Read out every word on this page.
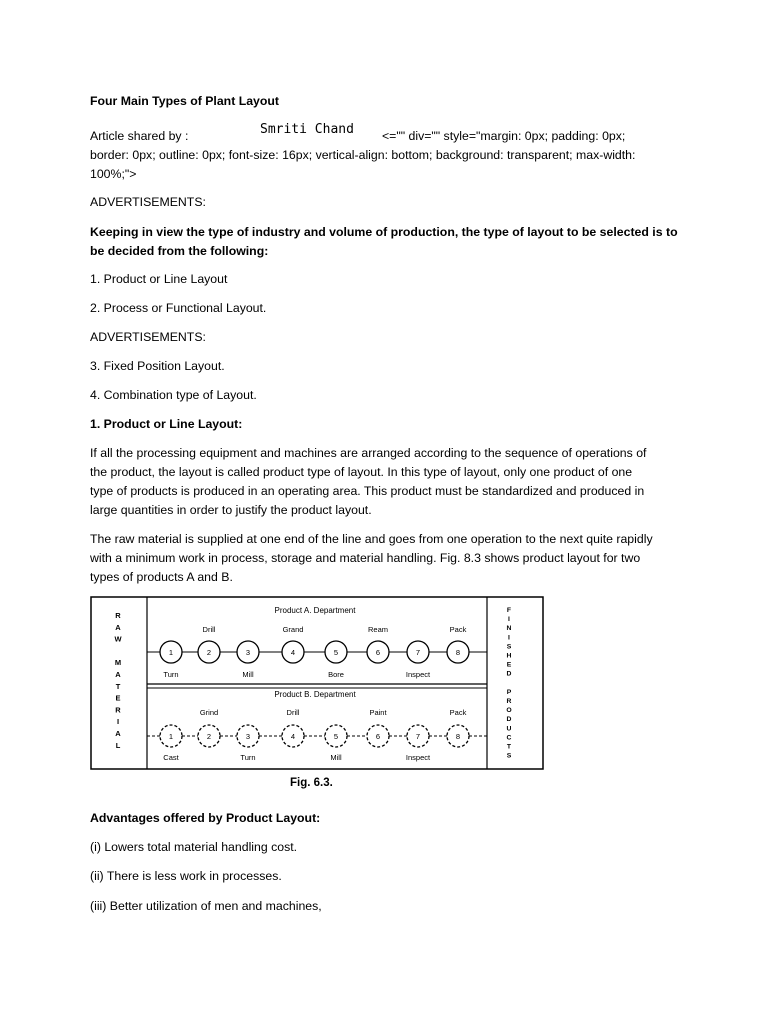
Four Main Types of Plant Layout

Article shared by :	Smriti Chand <="" div="" style="margin: 0px; padding: 0px;

border: 0px; outline: 0px; font-size: 16px; vertical-align: bottom; background: transparent; max-width:

100%;">

ADVERTISEMENTS:

Keeping in view the type of industry and volume of production, the type of layout to be selected is to

be decided from the following:

1. Product or Line Layout

2. Process or Functional Layout.

ADVERTISEMENTS:

3. Fixed Position Layout.

4. Combination type of Layout.

1. Product or Line Layout:

If all the processing equipment and machines are arranged according to the sequence of operations of

the product, the layout is called product type of layout. In this type of layout, only one product of one

type of products is produced in an operating area. This product must be standardized and produced in

large quantities in order to justify the product layout.

The raw material is supplied at one end of the line and goes from one operation to the next quite rapidly

with a minimum work in process, storage and material handling. Fig. 8.3 shows product layout for two

types of products A and B.

R
A
W
M
A
T
E
R
I
A
L
F
I
N
I
S
H
E
D
P
R
O
D
U
C
T
S
Product A. Department
1	2	3	4	5	6	7	8
Drill	Grand	Ream	Pack
Turn	Mill	Bore	Inspect
Product B. Department
1	2	3	4	5	6	7	8
Grind	Drill	Paint	Pack
Cast	Turn	Mill	Inspect
Fig. 6.3.

Advantages offered by Product Layout:

(i) Lowers total material handling cost.

(ii) There is less work in processes.

(iii) Better utilization of men and machines,
